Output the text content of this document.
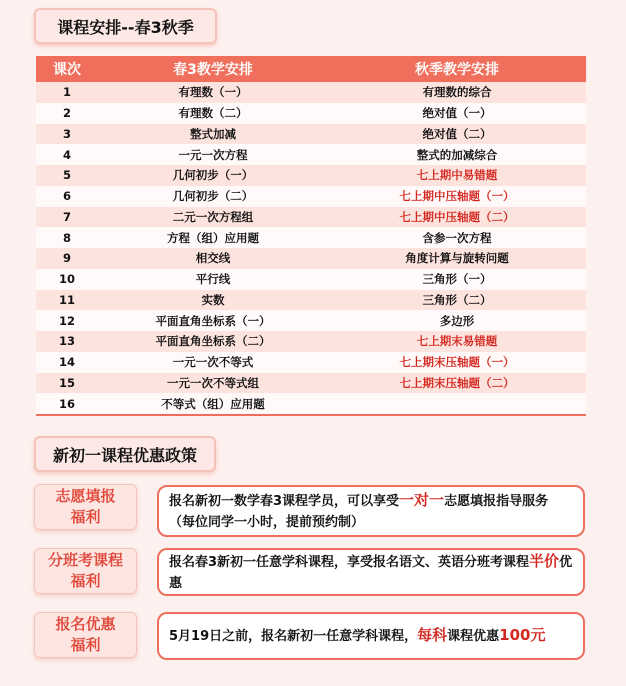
课程安排--春3秋季
课次	春3教学安排	秋季教学安排
1	有理数（一）	有理数的综合
2	有理数（二）	绝对值（一）
3	整式加减	绝对值（二）
4	一元一次方程	整式的加减综合
5	几何初步（一）	七上期中易错题
6	几何初步（二）	七上期中压轴题（一）
7	二元一次方程组	七上期中压轴题（二）
8	方程（组）应用题	含参一次方程
9	相交线	角度计算与旋转问题
10	平行线	三角形（一）
11	实数	三角形（二）
12	平面直角坐标系（一）	多边形
13	平面直角坐标系（二）	七上期末易错题
14	一元一次不等式	七上期末压轴题（一）
15	一元一次不等式组	七上期末压轴题（二）
16	不等式（组）应用题	
新初一课程优惠政策
志愿填报
福利
报名新初一数学春3课程学员，可以享受一对一志愿填报指导服务（每位同学一小时，提前预约制）
分班考课程
福利
报名春3新初一任意学科课程，享受报名语文、英语分班考课程半价优惠
报名优惠
福利	5月19日之前，报名新初一任意学科课程，每科课程优惠100元
